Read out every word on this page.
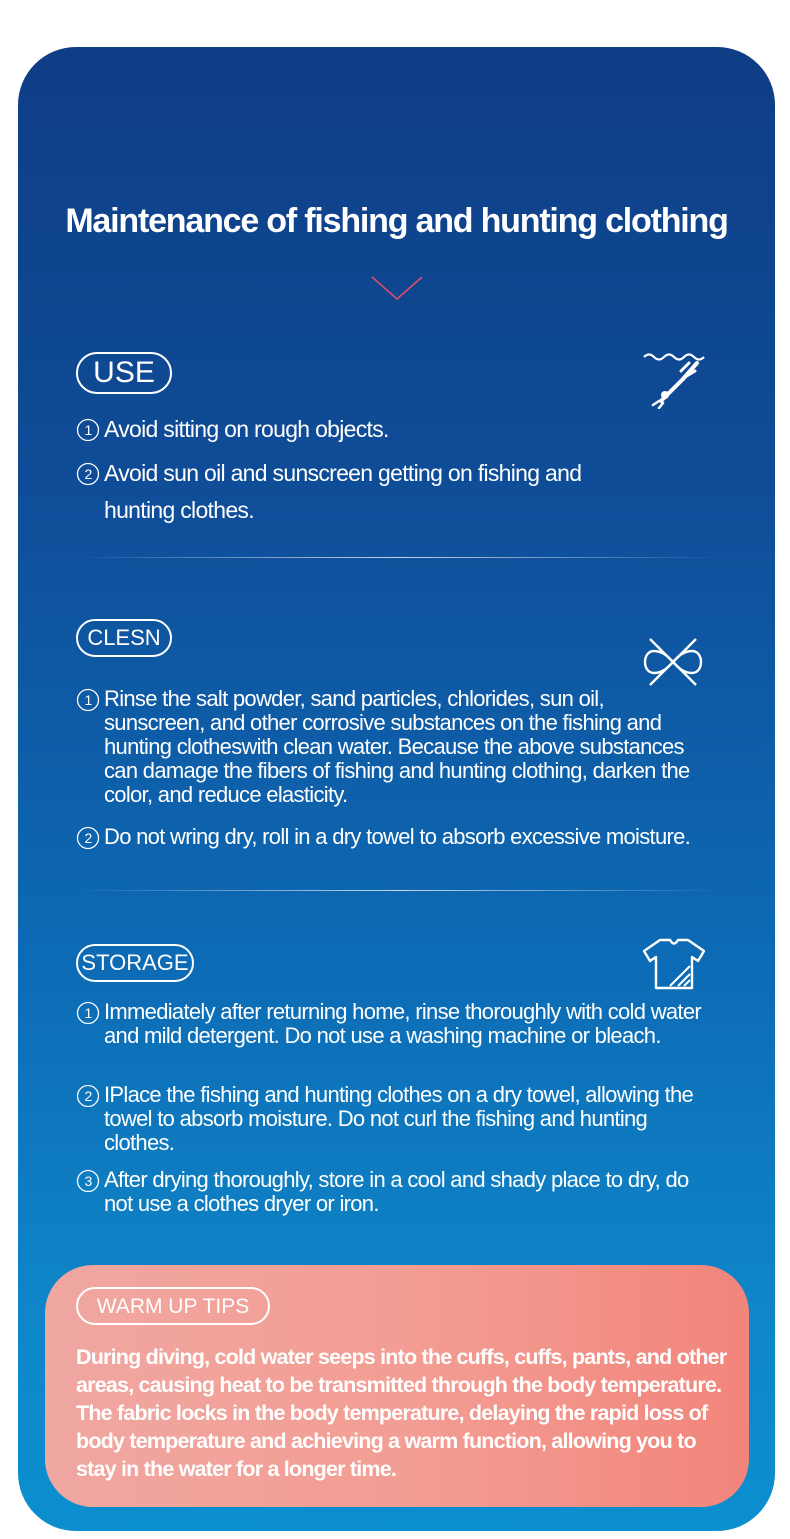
Maintenance of fishing and hunting clothing
USE
1 Avoid sitting on rough objects.
2 Avoid sun oil and sunscreen getting on fishing and hunting clothes.
CLESN
1 Rinse the salt powder, sand particles, chlorides, sun oil, sunscreen, and other corrosive substances on the fishing and hunting clotheswith clean water. Because the above substances can damage the fibers of fishing and hunting clothing, darken the color, and reduce elasticity.
2 Do not wring dry, roll in a dry towel to absorb excessive moisture.
STORAGE
1 Immediately after returning home, rinse thoroughly with cold water and mild detergent. Do not use a washing machine or bleach.
2 IPlace the fishing and hunting clothes on a dry towel, allowing the towel to absorb moisture. Do not curl the fishing and hunting clothes.
3 After drying thoroughly, store in a cool and shady place to dry, do not use a clothes dryer or iron.
WARM UP TIPS

During diving, cold water seeps into the cuffs, cuffs, pants, and other areas, causing heat to be transmitted through the body temperature. The fabric locks in the body temperature, delaying the rapid loss of body temperature and achieving a warm function, allowing you to stay in the water for a longer time.
